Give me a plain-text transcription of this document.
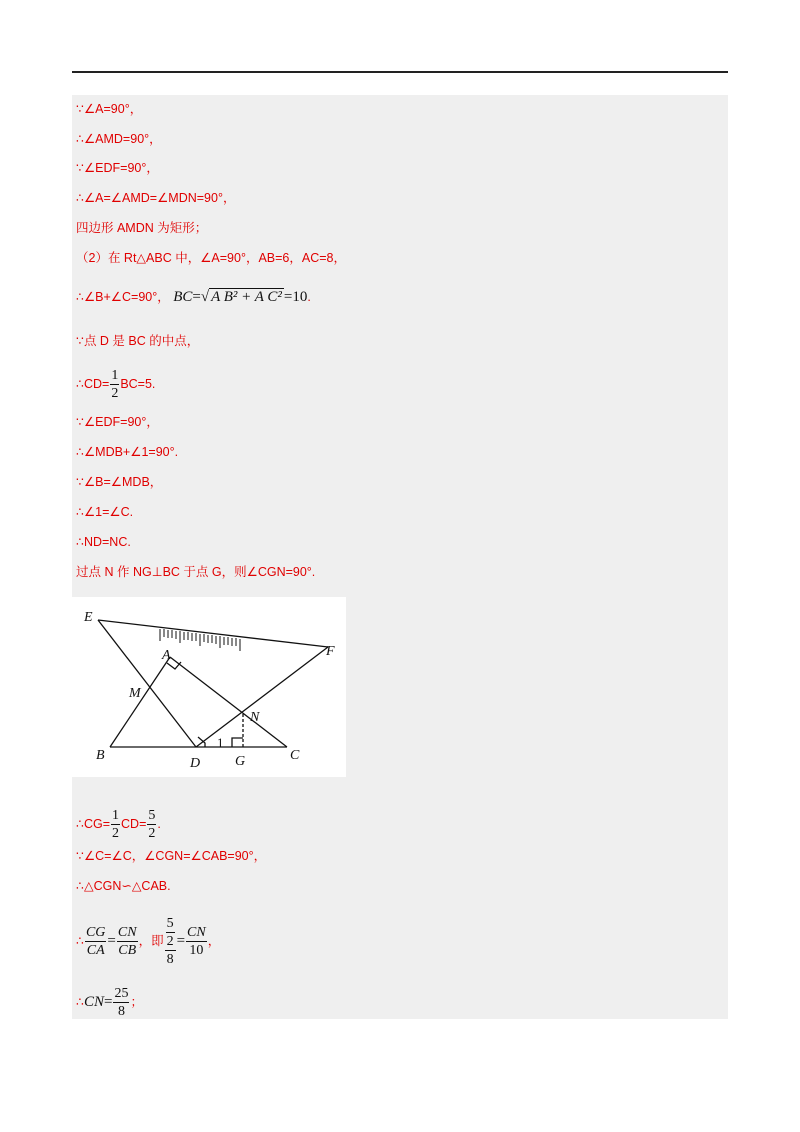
∵∠A=90°，
∴∠AMD=90°，
∵∠EDF=90°，
∴∠A=∠AMD=∠MDN=90°，
四边形 AMDN 为矩形；
（2）在 Rt△ABC 中，∠A=90°，AB=6，AC=8，
∴∠B+∠C=90°， BC=√ A B² + A C² =10.
∵点 D 是 BC 的中点，
∴CD= $\frac{1}{2} BC=5$.
∵∠EDF=90°，
∴∠MDB+∠1=90°.
∵∠B=∠MDB，
∴∠1=∠C.
∴ND=NC.
过点 N 作 NG⊥BC 于点 G，则∠CGN=90°.
E
F
A
M
N
B
D G	C
1
∴CG= $\frac{1}{2} CD= \frac{5}{2}$ .
∵∠C=∠C，∠CGN=∠CAB=90°，
∴△CGN∽△CAB.
∴ $\frac{CG}{CA} = \frac{CN}{CB}$ ，即 $\frac{\frac{5}{2}}{8} = \frac{CN}{10}$ ，
∴CN= $\frac{25}{8}$ ；
